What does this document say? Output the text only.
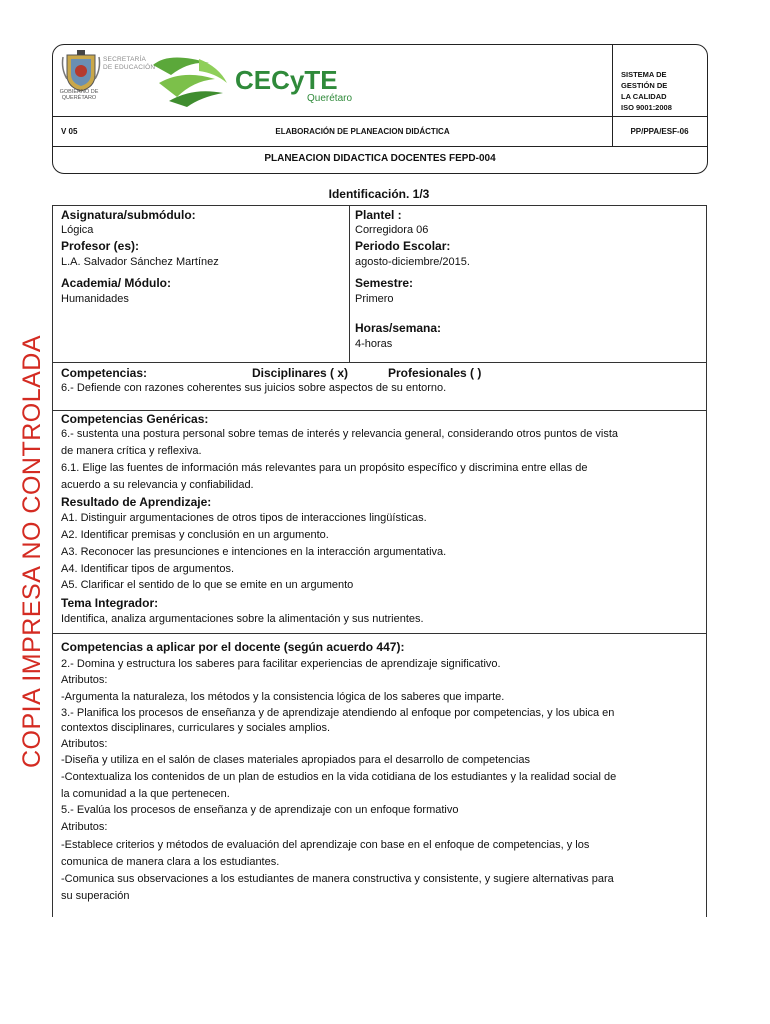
SECRETARÍA
DE EDUCACIÓN
GOBIERNO DE
QUERÉTARO
CECyTE
Querétaro
SISTEMA DE
GESTIÓN DE
LA CALIDAD
ISO 9001:2008
V 05	ELABORACIÓN DE PLANEACION DIDÁCTICA	PP/PPA/ESF-06
PLANEACION DIDACTICA DOCENTES FEPD-004
COPIA IMPRESA NO CONTROLADA
Identificación. 1/3
Asignatura/submódulo:
Lógica
Profesor (es):
L.A. Salvador Sánchez Martínez
Academia/ Módulo:
Humanidades
Plantel :
Corregidora 06
Periodo Escolar:
agosto-diciembre/2015.
Semestre:
Primero
Horas/semana:
4-horas
Competencias:	Disciplinares ( x)	Profesionales ( )
6.- Defiende con razones coherentes sus juicios sobre aspectos de su entorno.
Competencias Genéricas:
6.- sustenta una postura personal sobre temas de interés y relevancia general, considerando otros puntos de vista
de manera crítica y reflexiva.
6.1. Elige las fuentes de información más relevantes para un propósito específico y discrimina entre ellas de
acuerdo a su relevancia y confiabilidad.
Resultado de Aprendizaje:
A1. Distinguir argumentaciones de otros tipos de interacciones lingüísticas.
A2. Identificar premisas y conclusión en un argumento.
A3. Reconocer las presunciones e intenciones en la interacción argumentativa.
A4. Identificar tipos de argumentos.
A5. Clarificar el sentido de lo que se emite en un argumento
Tema Integrador:
Identifica, analiza argumentaciones sobre la alimentación y sus nutrientes.
Competencias a aplicar por el docente (según acuerdo 447):
2.- Domina y estructura los saberes para facilitar experiencias de aprendizaje significativo.
Atributos:
-Argumenta la naturaleza, los métodos y la consistencia lógica de los saberes que imparte.
3.- Planifica los procesos de enseñanza y de aprendizaje atendiendo al enfoque por competencias, y los ubica en
contextos disciplinares, curriculares y sociales amplios.
Atributos:
-Diseña y utiliza en el salón de clases materiales apropiados para el desarrollo de competencias
-Contextualiza los contenidos de un plan de estudios en la vida cotidiana de los estudiantes y la realidad social de
la comunidad a la que pertenecen.
5.- Evalúa los procesos de enseñanza y de aprendizaje con un enfoque formativo
Atributos:
-Establece criterios y métodos de evaluación del aprendizaje con base en el enfoque de competencias, y los
comunica de manera clara a los estudiantes.
-Comunica sus observaciones a los estudiantes de manera constructiva y consistente, y sugiere alternativas para
su superación
